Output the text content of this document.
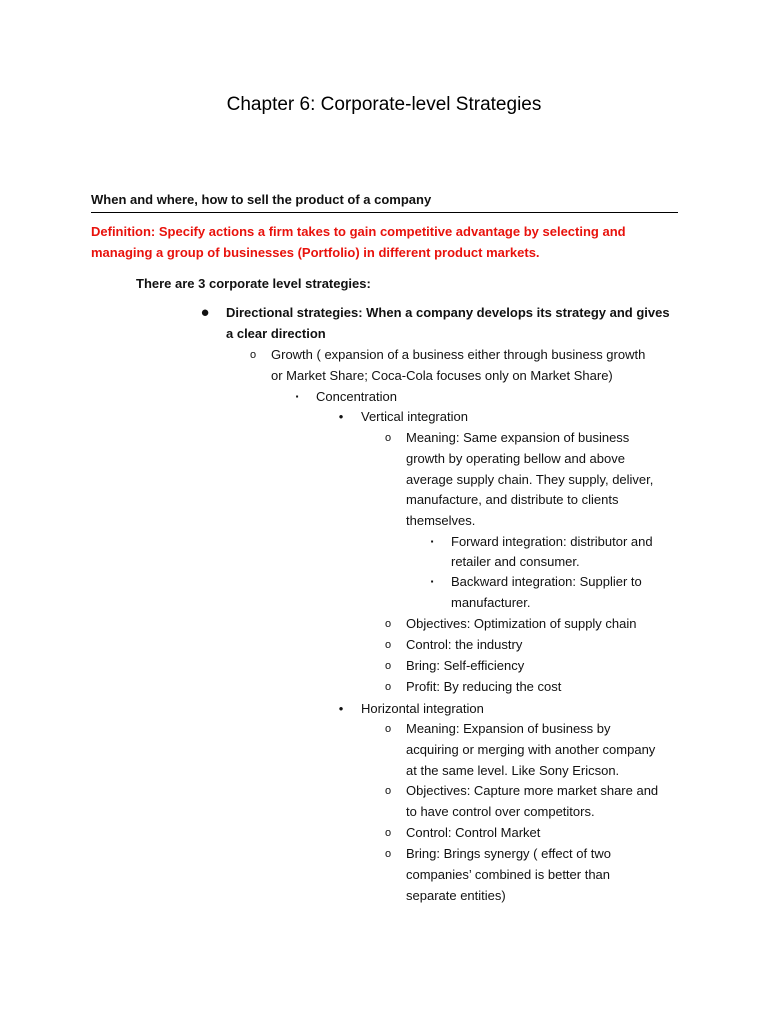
Chapter 6: Corporate-level Strategies
When and where, how to sell the product of a company
Definition: Specify actions a firm takes to gain competitive advantage by selecting and managing a group of businesses (Portfolio) in different product markets.
There are 3 corporate level strategies:
● Directional strategies: When a company develops its strategy and gives
a clear direction
o	Growth ( expansion of a business either through business growth
or Market Share; Coca-Cola focuses only on Market Share)
▪	Concentration
•	Vertical integration
o	Meaning: Same expansion of business
growth by operating bellow and above
average supply chain. They supply, deliver,
manufacture, and distribute to clients
themselves.
▪	Forward integration: distributor and
retailer and consumer.
▪	Backward integration: Supplier to
manufacturer.
o	Objectives: Optimization of supply chain
o	Control: the industry
o	Bring: Self-efficiency
o	Profit: By reducing the cost
•	Horizontal integration
o	Meaning: Expansion of business by
acquiring or merging with another company
at the same level. Like Sony Ericson.
o	Objectives: Capture more market share and
to have control over competitors.
o	Control: Control Market
o	Bring: Brings synergy ( effect of two
companies’ combined is better than
separate entities)
